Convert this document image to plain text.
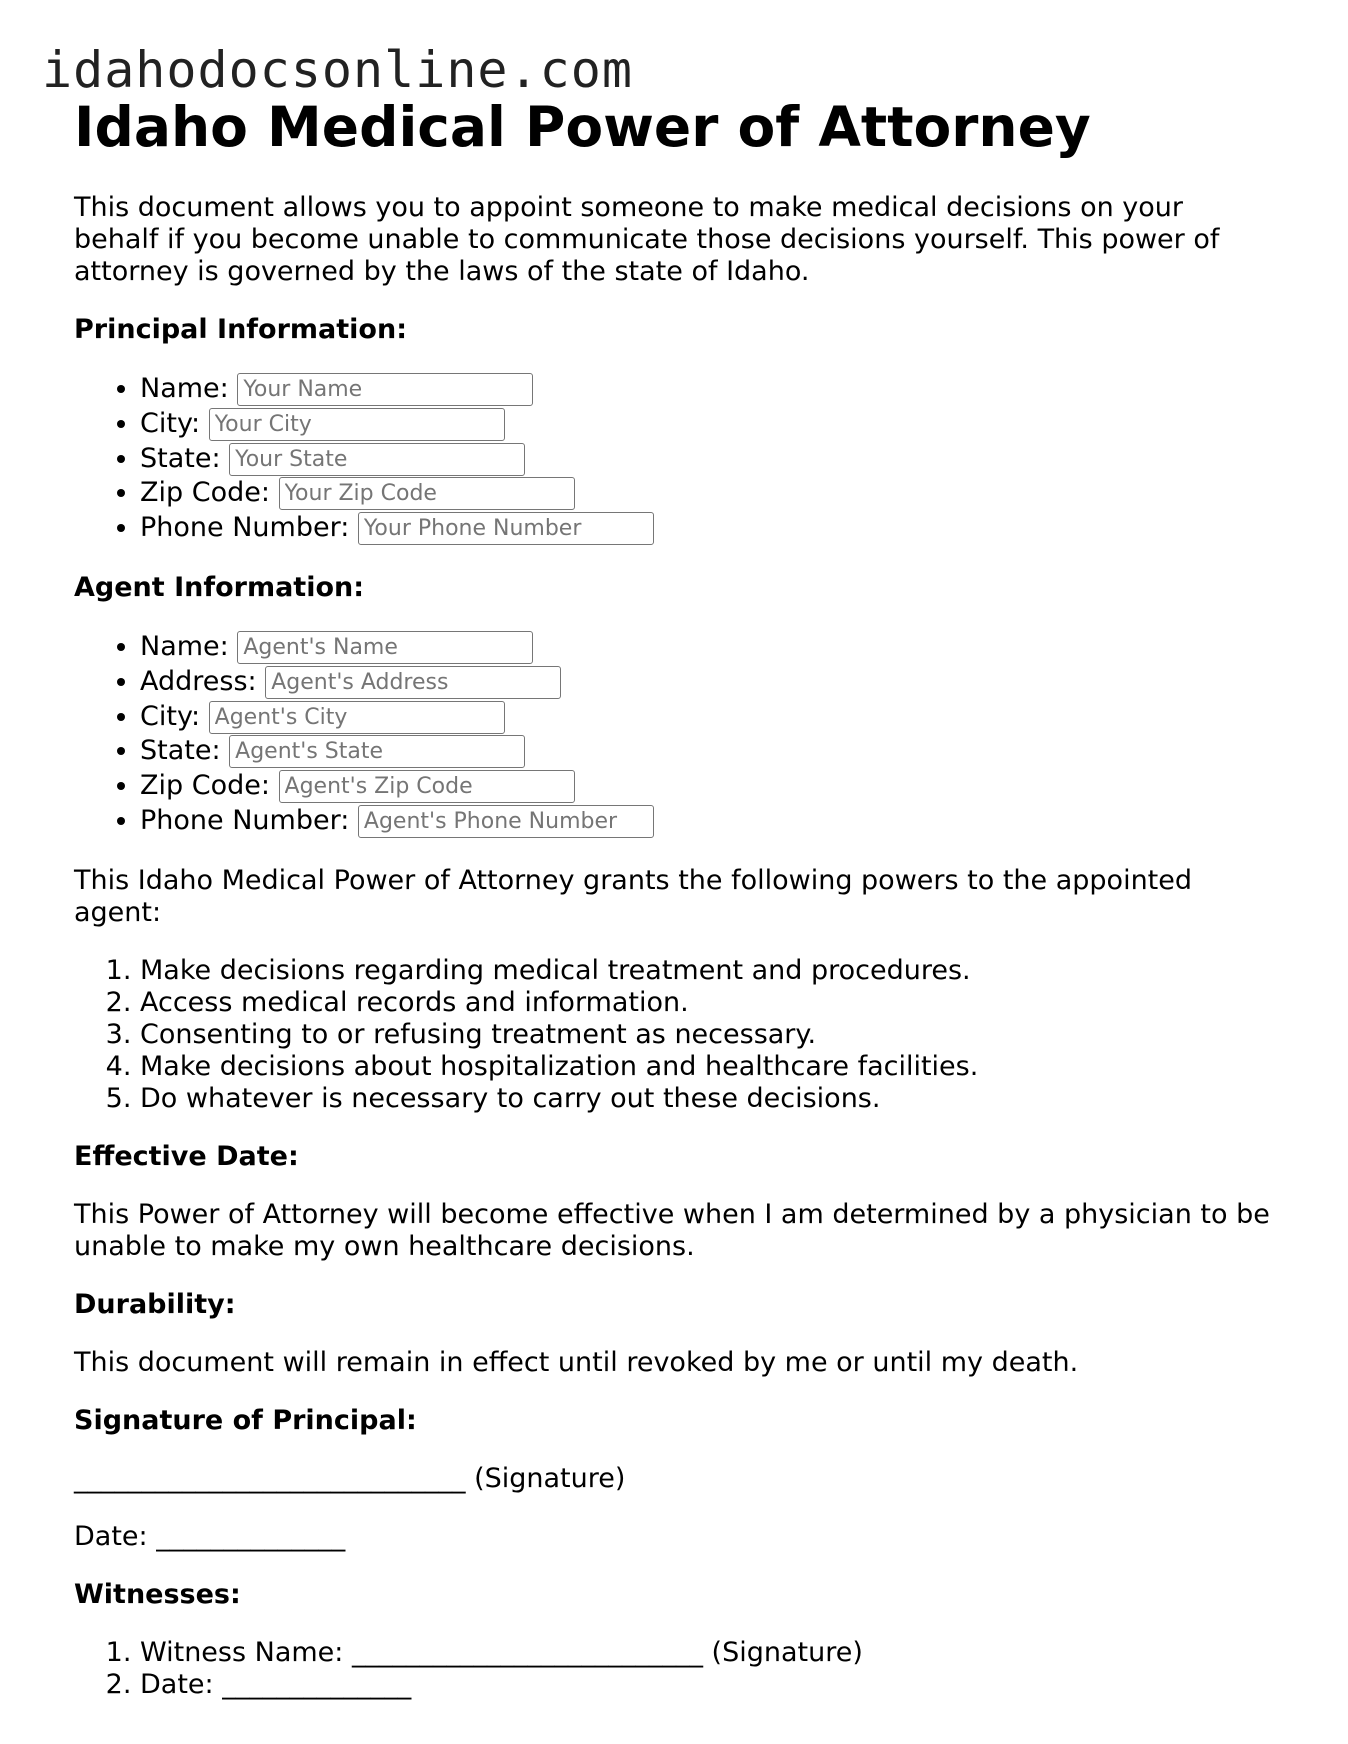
idahodocsonline.com
Idaho Medical Power of Attorney

This document allows you to appoint someone to make medical decisions on your behalf if you become unable to communicate those decisions yourself. This power of attorney is governed by the laws of the state of Idaho.

Principal Information:
• Name: Your Name
• City: Your City
• State: Your State
• Zip Code: Your Zip Code
• Phone Number: Your Phone Number
Agent Information:
• Name: Agent's Name
• Address: Agent's Address
• City: Agent's City
• State: Agent's State
• Zip Code: Agent's Zip Code
• Phone Number: Agent's Phone Number

This Idaho Medical Power of Attorney grants the following powers to the appointed agent:

1. Make decisions regarding medical treatment and procedures.
2. Access medical records and information.
3. Consenting to or refusing treatment as necessary.
4. Make decisions about hospitalization and healthcare facilities.
5. Do whatever is necessary to carry out these decisions.
Effective Date:

This Power of Attorney will become effective when I am determined by a physician to be unable to make my own healthcare decisions.

Durability:

This document will remain in effect until revoked by me or until my death.

Signature of Principal:

_____________________________ (Signature)

Date: ______________

Witnesses:
1. Witness Name: __________________________ (Signature)
2. Date: ______________
